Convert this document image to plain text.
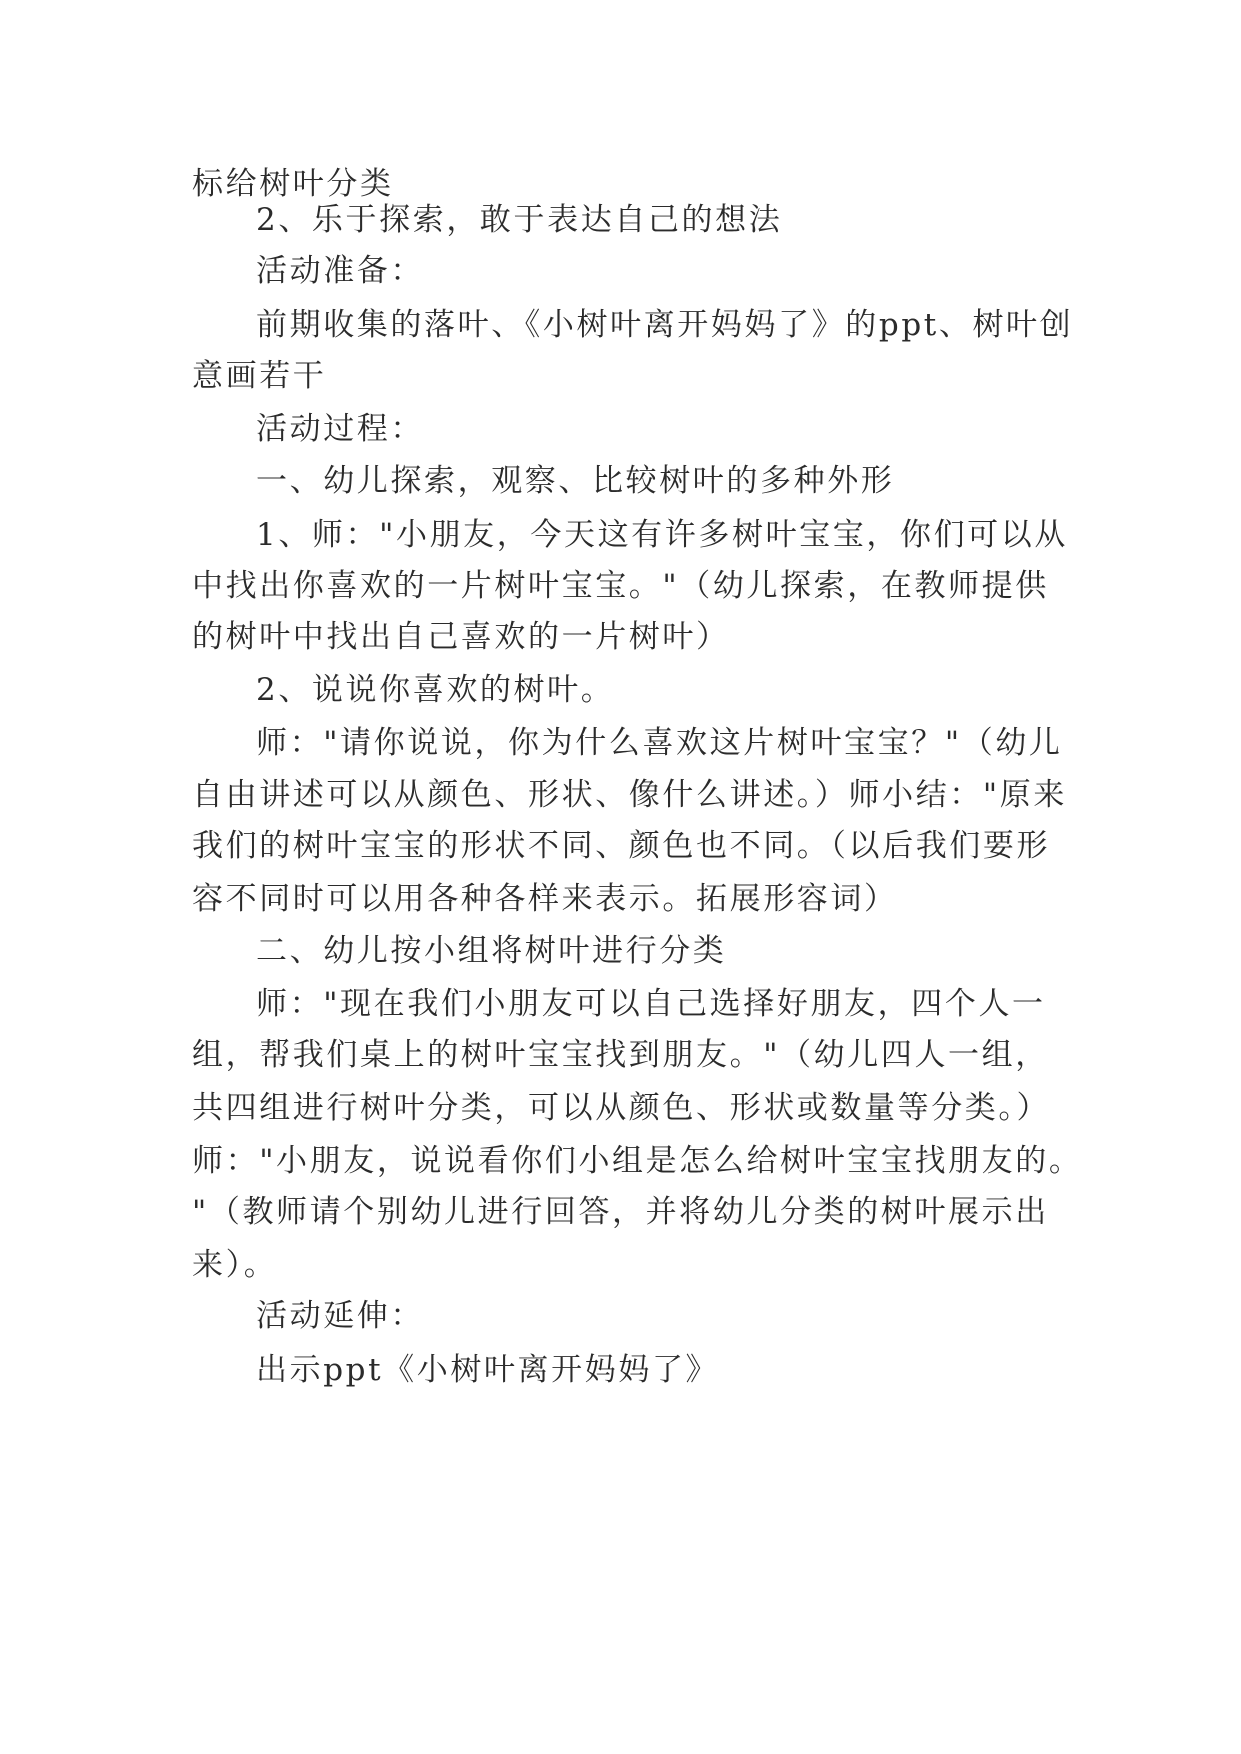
标给树叶分类
2、乐于探索，敢于表达自己的想法
活动准备：
前期收集的落叶、《小树叶离开妈妈了》的ppt、树叶创
意画若干
活动过程：
一、幼儿探索，观察、比较树叶的多种外形
1、师："小朋友，今天这有许多树叶宝宝，你们可以从
中找出你喜欢的一片树叶宝宝。"（幼儿探索，在教师提供
的树叶中找出自己喜欢的一片树叶）
2、说说你喜欢的树叶。
师："请你说说，你为什么喜欢这片树叶宝宝？"（幼儿
自由讲述可以从颜色、形状、像什么讲述。）师小结："原来
我们的树叶宝宝的形状不同、颜色也不同。（以后我们要形
容不同时可以用各种各样来表示。拓展形容词）
二、幼儿按小组将树叶进行分类
师："现在我们小朋友可以自己选择好朋友，四个人一
组，帮我们桌上的树叶宝宝找到朋友。"（幼儿四人一组，
共四组进行树叶分类，可以从颜色、形状或数量等分类。）
师："小朋友，说说看你们小组是怎么给树叶宝宝找朋友的。
"（教师请个别幼儿进行回答，并将幼儿分类的树叶展示出
来）。
活动延伸：
出示ppt《小树叶离开妈妈了》
